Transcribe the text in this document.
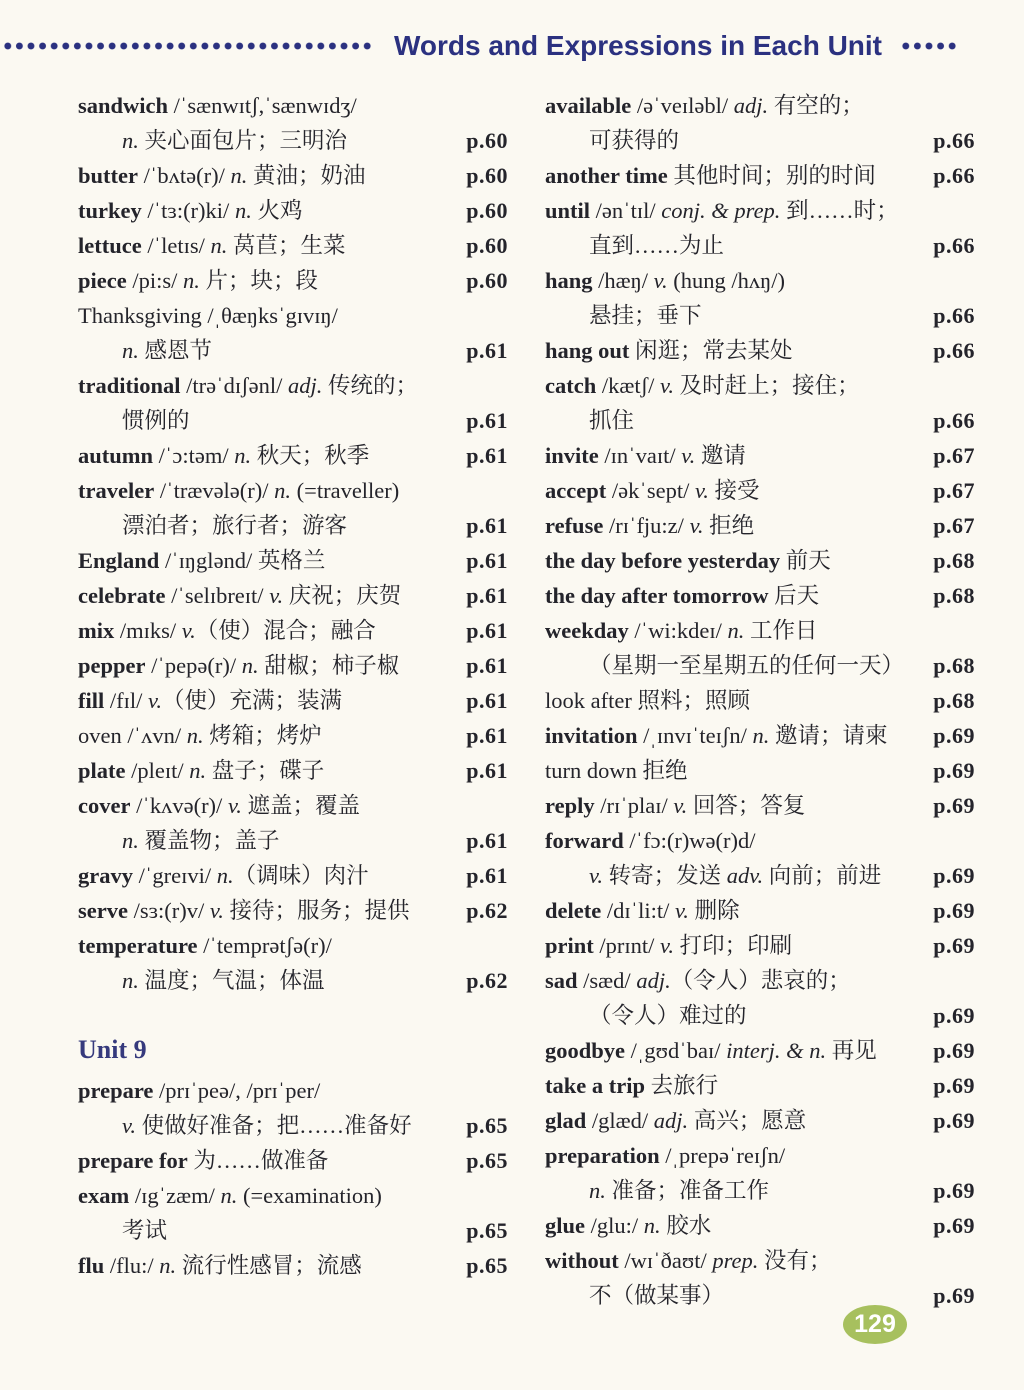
Words and Expressions in Each Unit
sandwich /ˈsænwɪtʃ,ˈsænwɪdʒ/
n. 夹心面包片；三明治	p.60
butter /ˈbʌtə(r)/ n. 黄油；奶油	p.60
turkey /ˈtɜ:(r)ki/ n. 火鸡	p.60
lettuce /ˈletɪs/ n. 莴苣；生菜	p.60
piece /pi:s/ n. 片；块；段	p.60
Thanksgiving /ˌθæŋksˈgɪvɪŋ/
n. 感恩节	p.61
traditional /trəˈdɪʃənl/ adj. 传统的；
惯例的	p.61
autumn /ˈɔ:təm/ n. 秋天；秋季	p.61
traveler /ˈtrævələ(r)/ n. (=traveller)
漂泊者；旅行者；游客	p.61
England /ˈɪŋglənd/ 英格兰	p.61
celebrate /ˈselɪbreɪt/ v. 庆祝；庆贺	p.61
mix /mɪks/ v.（使）混合；融合	p.61
pepper /ˈpepə(r)/ n. 甜椒；柿子椒	p.61
fill /fɪl/ v.（使）充满；装满	p.61
oven /ˈʌvn/ n. 烤箱；烤炉	p.61
plate /pleɪt/ n. 盘子；碟子	p.61
cover /ˈkʌvə(r)/ v. 遮盖；覆盖
n. 覆盖物；盖子	p.61
gravy /ˈgreɪvi/ n.（调味）肉汁	p.61
serve /sɜ:(r)v/ v. 接待；服务；提供	p.62
temperature /ˈtemprətʃə(r)/
n. 温度；气温；体温	p.62
Unit 9
prepare /prɪˈpeə/, /prɪˈper/
v. 使做好准备；把……准备好	p.65
prepare for 为……做准备	p.65
exam /ɪgˈzæm/ n. (=examination)
考试	p.65
flu /flu:/ n. 流行性感冒；流感	p.65
available /əˈveɪləbl/ adj. 有空的；
可获得的	p.66
another time 其他时间；别的时间	p.66
until /ənˈtɪl/ conj. & prep. 到……时；
直到……为止	p.66
hang /hæŋ/ v. (hung /hʌŋ/)
悬挂；垂下	p.66
hang out 闲逛；常去某处	p.66
catch /kætʃ/ v. 及时赶上；接住；
抓住	p.66
invite /ɪnˈvaɪt/ v. 邀请	p.67
accept /əkˈsept/ v. 接受	p.67
refuse /rɪˈfju:z/ v. 拒绝	p.67
the day before yesterday 前天	p.68
the day after tomorrow 后天	p.68
weekday /ˈwi:kdeɪ/ n. 工作日
（星期一至星期五的任何一天）	p.68
look after 照料；照顾	p.68
invitation /ˌɪnvɪˈteɪʃn/ n. 邀请；请柬	p.69
turn down 拒绝	p.69
reply /rɪˈplaɪ/ v. 回答；答复	p.69
forward /ˈfɔ:(r)wə(r)d/
v. 转寄；发送 adv. 向前；前进	p.69
delete /dɪˈli:t/ v. 删除	p.69
print /prɪnt/ v. 打印；印刷	p.69
sad /sæd/ adj.（令人）悲哀的；
（令人）难过的	p.69
goodbye /ˌgʊdˈbaɪ/ interj. & n. 再见	p.69
take a trip 去旅行	p.69
glad /glæd/ adj. 高兴；愿意	p.69
preparation /ˌprepəˈreɪʃn/
n. 准备；准备工作	p.69
glue /glu:/ n. 胶水	p.69
without /wɪˈðaʊt/ prep. 没有；
不（做某事）	p.69
129
